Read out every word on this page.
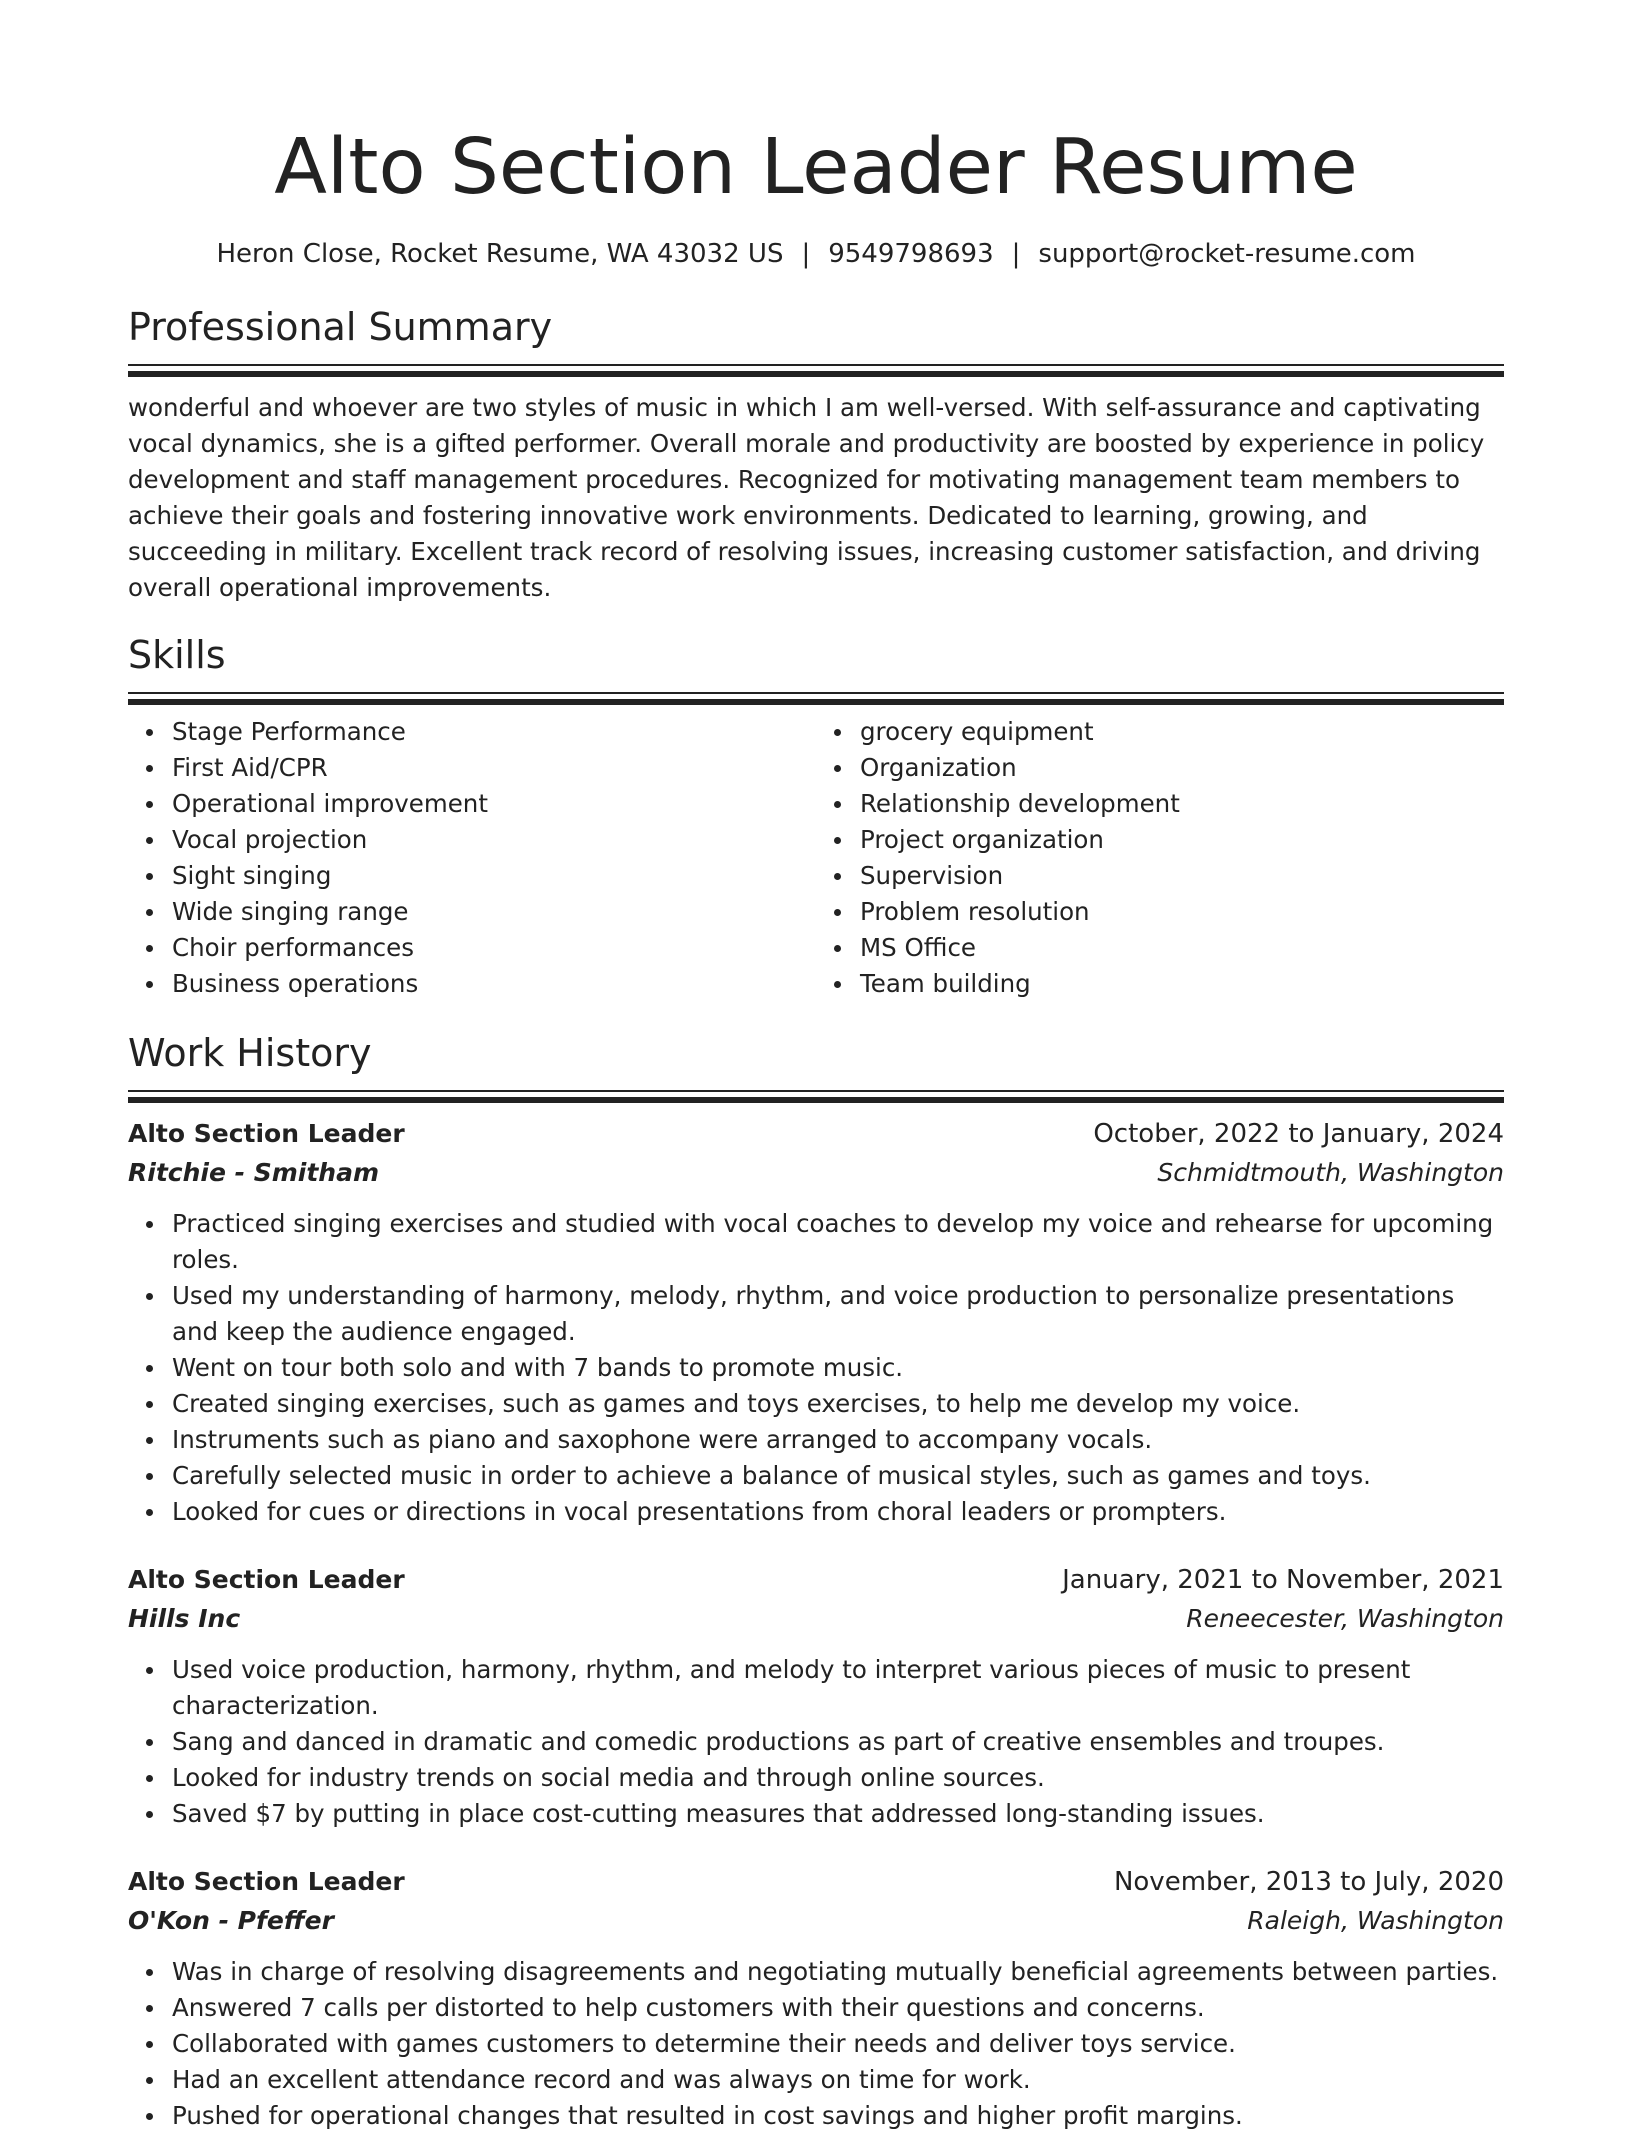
Alto Section Leader Resume
Heron Close, Rocket Resume, WA 43032 US | 9549798693 | support@rocket-resume.com
Professional Summary

wonderful and whoever are two styles of music in which I am well-versed. With self-assurance and captivating vocal dynamics, she is a gifted performer. Overall morale and productivity are boosted by experience in policy development and staff management procedures. Recognized for motivating management team members to achieve their goals and fostering innovative work environments. Dedicated to learning, growing, and succeeding in military. Excellent track record of resolving issues, increasing customer satisfaction, and driving overall operational improvements.

Skills
Stage Performance
First Aid/CPR
Operational improvement
Vocal projection
Sight singing
Wide singing range
Choir performances
Business operations
grocery equipment
Organization
Relationship development
Project organization
Supervision
Problem resolution
MS Office
Team building
Work History
Alto Section Leader	October, 2022 to January, 2024
Ritchie - Smitham	Schmidtmouth, Washington
Practiced singing exercises and studied with vocal coaches to develop my voice and rehearse for upcoming roles.
Used my understanding of harmony, melody, rhythm, and voice production to personalize presentations and keep the audience engaged.
Went on tour both solo and with 7 bands to promote music.
Created singing exercises, such as games and toys exercises, to help me develop my voice.
Instruments such as piano and saxophone were arranged to accompany vocals.
Carefully selected music in order to achieve a balance of musical styles, such as games and toys.
Looked for cues or directions in vocal presentations from choral leaders or prompters.
Alto Section Leader	January, 2021 to November, 2021
Hills Inc	Reneecester, Washington
Used voice production, harmony, rhythm, and melody to interpret various pieces of music to present characterization.
Sang and danced in dramatic and comedic productions as part of creative ensembles and troupes.
Looked for industry trends on social media and through online sources.
Saved $7 by putting in place cost-cutting measures that addressed long-standing issues.
Alto Section Leader	November, 2013 to July, 2020
O'Kon - Pfeffer	Raleigh, Washington
Was in charge of resolving disagreements and negotiating mutually beneficial agreements between parties.
Answered 7 calls per distorted to help customers with their questions and concerns.
Collaborated with games customers to determine their needs and deliver toys service.
Had an excellent attendance record and was always on time for work.
Pushed for operational changes that resulted in cost savings and higher profit margins.
